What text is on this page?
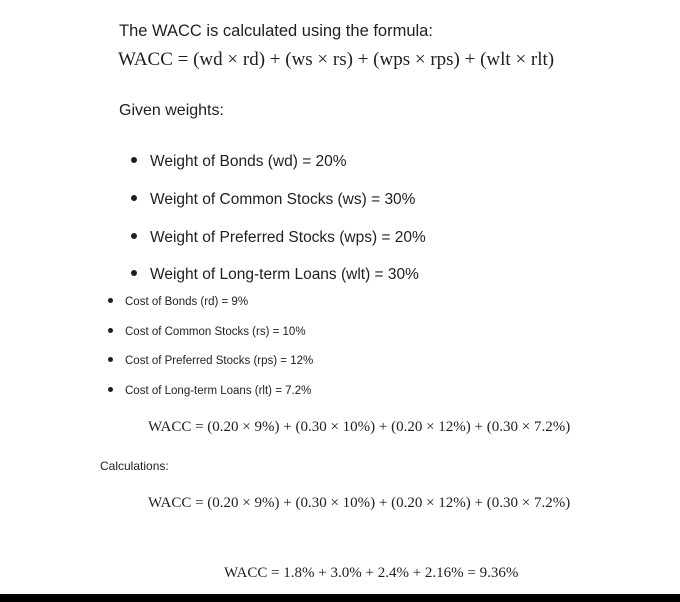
The WACC is calculated using the formula:
WACC = (wd × rd) + (ws × rs) + (wps × rps) + (wlt × rlt)
Given weights:
Weight of Bonds (wd) = 20%
Weight of Common Stocks (ws) = 30%
Weight of Preferred Stocks (wps) = 20%
Weight of Long-term Loans (wlt) = 30%
Cost of Bonds (rd) = 9%
Cost of Common Stocks (rs) = 10%
Cost of Preferred Stocks (rps) = 12%
Cost of Long-term Loans (rlt) = 7.2%
WACC = (0.20 × 9%) + (0.30 × 10%) + (0.20 × 12%) + (0.30 × 7.2%)
Calculations:
WACC = (0.20 × 9%) + (0.30 × 10%) + (0.20 × 12%) + (0.30 × 7.2%)
WACC = 1.8% + 3.0% + 2.4% + 2.16% = 9.36%
